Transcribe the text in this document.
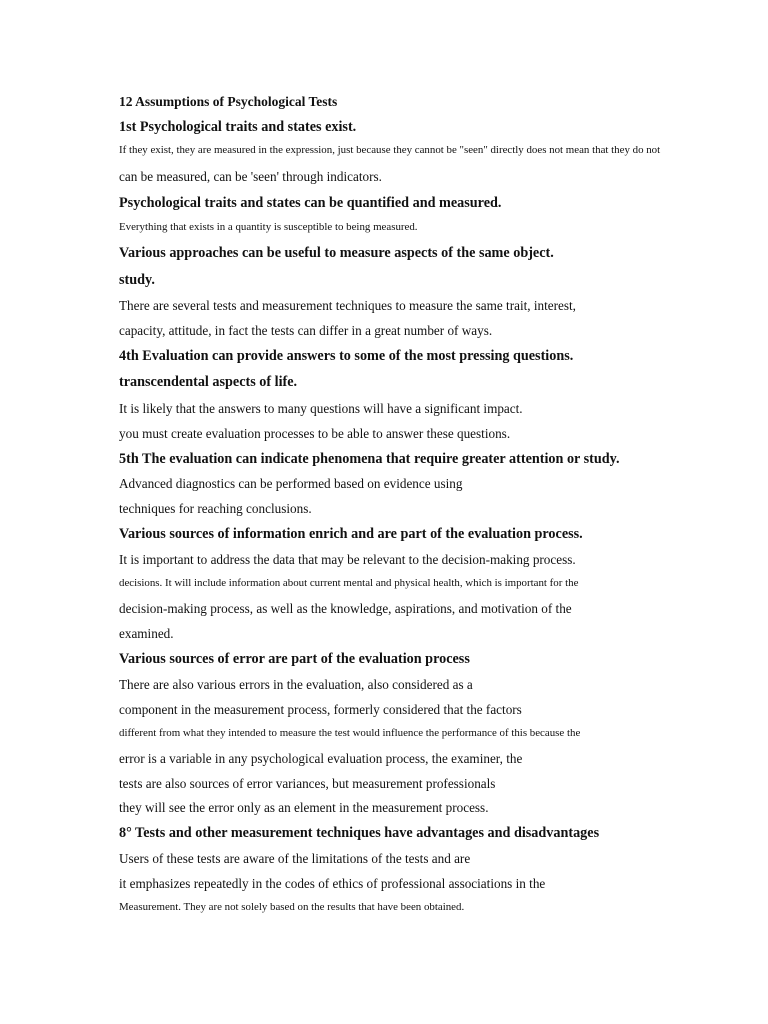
12 Assumptions of Psychological Tests
1st Psychological traits and states exist.
If they exist, they are measured in the expression, just because they cannot be "seen" directly does not mean that they do not
can be measured, can be 'seen' through indicators.
Psychological traits and states can be quantified and measured.
Everything that exists in a quantity is susceptible to being measured.
Various approaches can be useful to measure aspects of the same object.
study.
There are several tests and measurement techniques to measure the same trait, interest,
capacity, attitude, in fact the tests can differ in a great number of ways.
4th Evaluation can provide answers to some of the most pressing questions.
transcendental aspects of life.
It is likely that the answers to many questions will have a significant impact.
you must create evaluation processes to be able to answer these questions.
5th The evaluation can indicate phenomena that require greater attention or study.
Advanced diagnostics can be performed based on evidence using
techniques for reaching conclusions.
Various sources of information enrich and are part of the evaluation process.
It is important to address the data that may be relevant to the decision-making process.
decisions. It will include information about current mental and physical health, which is important for the
decision-making process, as well as the knowledge, aspirations, and motivation of the
examined.
Various sources of error are part of the evaluation process
There are also various errors in the evaluation, also considered as a
component in the measurement process, formerly considered that the factors
different from what they intended to measure the test would influence the performance of this because the
error is a variable in any psychological evaluation process, the examiner, the
tests are also sources of error variances, but measurement professionals
they will see the error only as an element in the measurement process.
8° Tests and other measurement techniques have advantages and disadvantages
Users of these tests are aware of the limitations of the tests and are
it emphasizes repeatedly in the codes of ethics of professional associations in the
Measurement. They are not solely based on the results that have been obtained.
